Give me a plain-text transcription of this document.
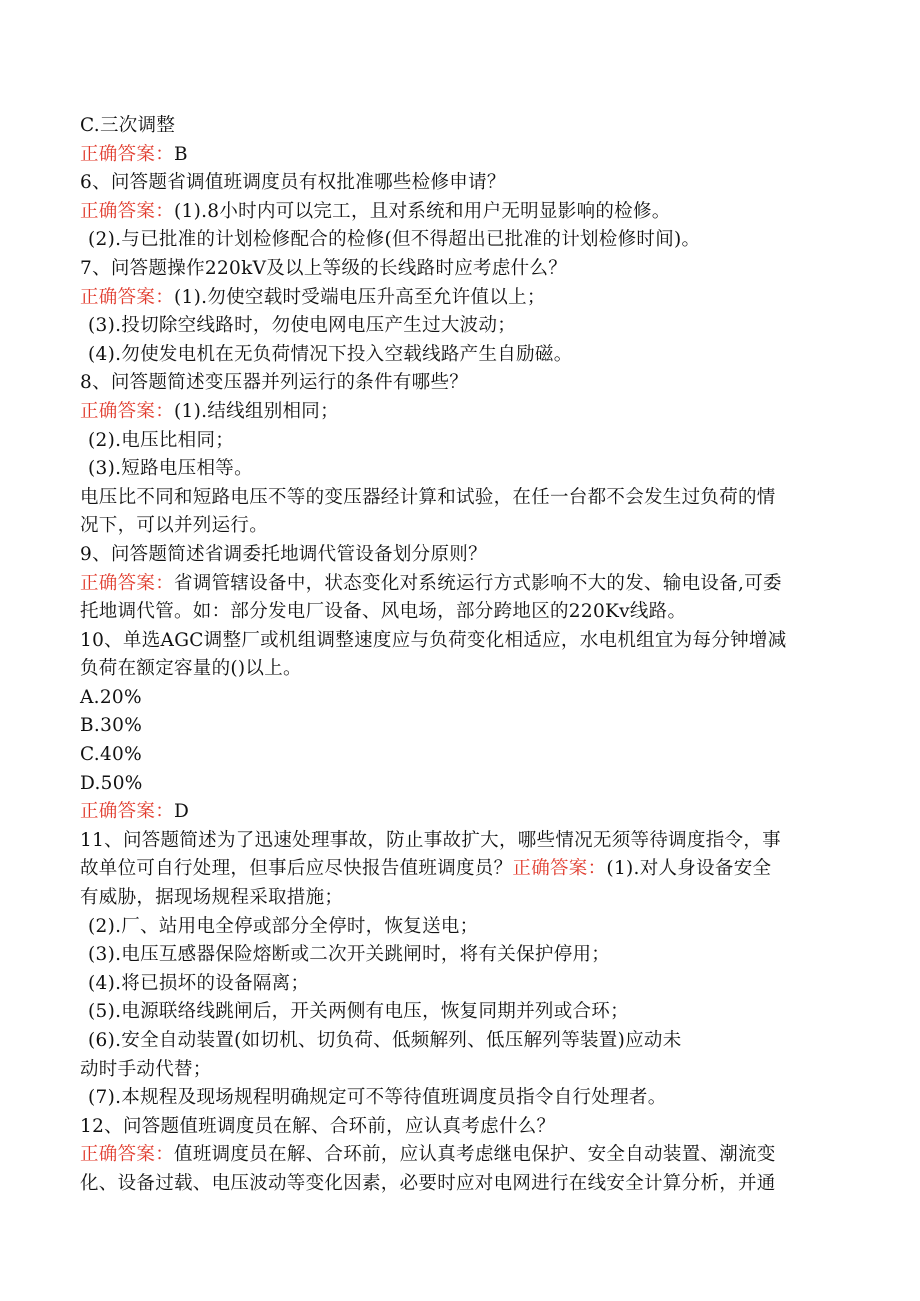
C.三次调整
正确答案：B
6、问答题省调值班调度员有权批准哪些检修申请？
正确答案：(1).8小时内可以完工，且对系统和用户无明显影响的检修。
(2).与已批准的计划检修配合的检修(但不得超出已批准的计划检修时间)。
7、问答题操作220kV及以上等级的长线路时应考虑什么？
正确答案：(1).勿使空载时受端电压升高至允许值以上；
(3).投切除空线路时，勿使电网电压产生过大波动；
(4).勿使发电机在无负荷情况下投入空载线路产生自励磁。
8、问答题简述变压器并列运行的条件有哪些？
正确答案：(1).结线组别相同；
(2).电压比相同；
(3).短路电压相等。
电压比不同和短路电压不等的变压器经计算和试验，在任一台都不会发生过负荷的情
况下，可以并列运行。
9、问答题简述省调委托地调代管设备划分原则？
正确答案：省调管辖设备中，状态变化对系统运行方式影响不大的发、输电设备,可委
托地调代管。如：部分发电厂设备、风电场，部分跨地区的220Kv线路。
10、单选AGC调整厂或机组调整速度应与负荷变化相适应，水电机组宜为每分钟增减
负荷在额定容量的()以上。
A.20%
B.30%
C.40%
D.50%
正确答案：D
11、问答题简述为了迅速处理事故，防止事故扩大，哪些情况无须等待调度指令，事
故单位可自行处理，但事后应尽快报告值班调度员？正确答案：(1).对人身设备安全
有威胁，据现场规程采取措施；
(2).厂、站用电全停或部分全停时，恢复送电；
(3).电压互感器保险熔断或二次开关跳闸时，将有关保护停用；
(4).将已损坏的设备隔离；
(5).电源联络线跳闸后，开关两侧有电压，恢复同期并列或合环；
(6).安全自动装置(如切机、切负荷、低频解列、低压解列等装置)应动未
动时手动代替；
(7).本规程及现场规程明确规定可不等待值班调度员指令自行处理者。
12、问答题值班调度员在解、合环前，应认真考虑什么？
正确答案：值班调度员在解、合环前，应认真考虑继电保护、安全自动装置、潮流变
化、设备过载、电压波动等变化因素，必要时应对电网进行在线安全计算分析，并通
